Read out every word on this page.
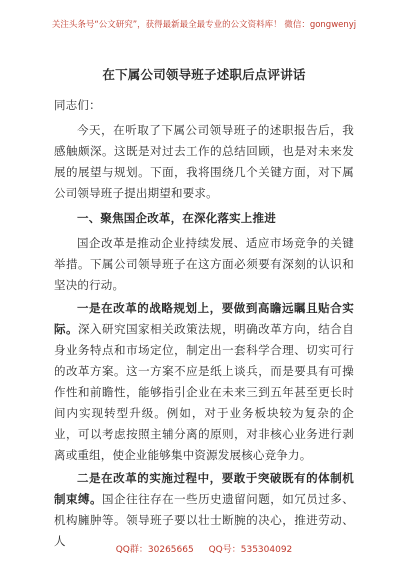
关注头条号“公文研究”，获得最新最全最专业的公文资料库！ 微信：gongwenyj
在下属公司领导班子述职后点评讲话
同志们：
今天，在听取了下属公司领导班子的述职报告后，我感触颇深。这既是对过去工作的总结回顾，也是对未来发展的展望与规划。下面，我将围绕几个关键方面，对下属公司领导班子提出期望和要求。
一、聚焦国企改革，在深化落实上推进
国企改革是推动企业持续发展、适应市场竞争的关键举措。下属公司领导班子在这方面必须要有深刻的认识和坚决的行动。
一是在改革的战略规划上，要做到高瞻远瞩且贴合实际。深入研究国家相关政策法规，明确改革方向，结合自身业务特点和市场定位，制定出一套科学合理、切实可行的改革方案。这一方案不应是纸上谈兵，而是要具有可操作性和前瞻性，能够指引企业在未来三到五年甚至更长时间内实现转型升级。例如，对于业务板块较为复杂的企业，可以考虑按照主辅分离的原则，对非核心业务进行剥离或重组，使企业能够集中资源发展核心竞争力。
二是在改革的实施过程中，要敢于突破既有的体制机制束缚。国企往往存在一些历史遗留问题，如冗员过多、机构臃肿等。领导班子要以壮士断腕的决心，推进劳动、人
QQ群：30265665 QQ号：535304092
